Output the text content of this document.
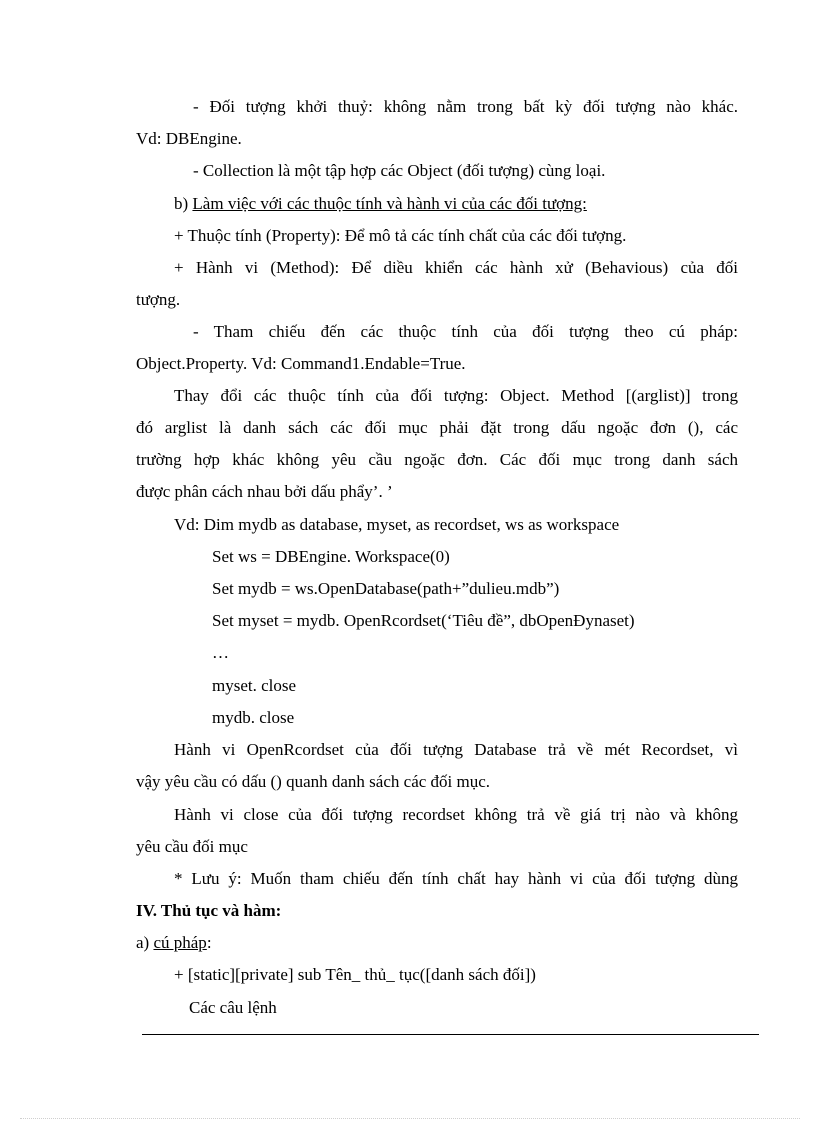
- Đối tượng khởi thuỷ: không nằm trong bất kỳ đối tượng nào khác.
Vd: DBEngine.
- Collection là một tập hợp các Object (đối tượng) cùng loại.
b) Làm việc với các thuộc tính và hành vi của các đối tượng:
+ Thuộc tính (Property): Để mô tả các tính chất của các đối tượng.
+ Hành vi (Method): Để diều khiển các hành xử (Behavious) của đối
tượng.
- Tham chiếu đến các thuộc tính của đối tượng theo cú pháp:
Object.Property. Vd: Command1.Endable=True.
Thay đổi các thuộc tính của đối tượng: Object. Method [(arglist)] trong
đó arglist là danh sách các đối mục phải đặt trong dấu ngoặc đơn (), các
trường hợp khác không yêu cầu ngoặc đơn. Các đối mục trong danh sách
được phân cách nhau bởi dấu phẩy’. ’
Vd: Dim mydb as database, myset, as recordset, ws as workspace
Set ws = DBEngine. Workspace(0)
Set mydb = ws.OpenDatabase(path+”dulieu.mdb”)
Set myset = mydb. OpenRcordset(‘Tiêu đề”, dbOpenĐynaset)
…
myset. close
mydb. close
Hành vi OpenRcordset của đối tượng Database trả về mét Recordset, vì
vậy yêu cầu có dấu () quanh danh sách các đối mục.
Hành vi close của đối tượng recordset không trả về giá trị nào và không
yêu cầu đối mục
* Lưu ý: Muốn tham chiếu đến tính chất hay hành vi của đối tượng dùng
IV. Thủ tục và hàm:
a) cú pháp:
+ [static][private] sub Tên_ thủ_ tục([danh sách đối])
Các câu lệnh
